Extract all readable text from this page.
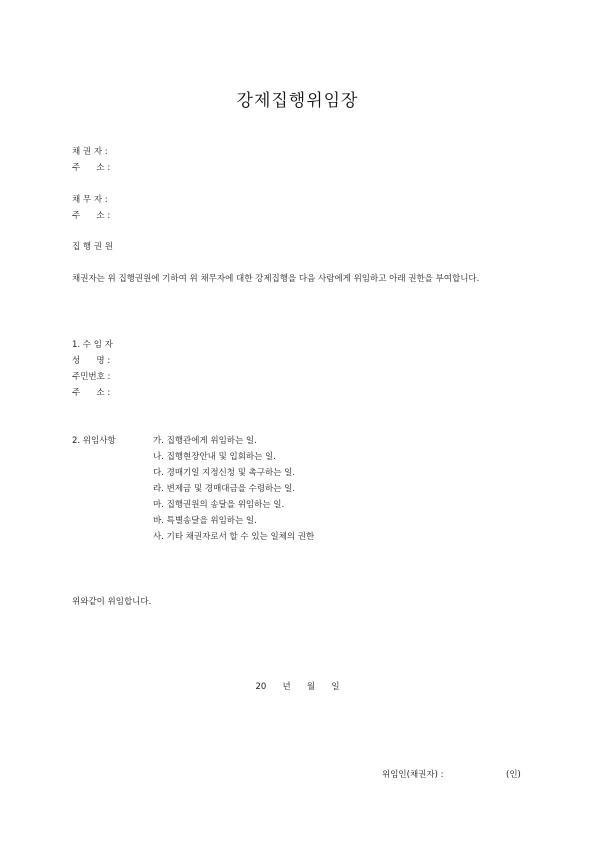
강제집행위임장
채 권 자 :
주      소 :
채 무 자 :
주      소 :
집 행 권 원
채권자는 위 집행권원에 기하여 위 채무자에 대한 강제집행을 다음 사람에게 위임하고 아래 권한을 부여합니다.
1. 수 임 자
성      명 :
주민번호 :
주      소 :
2. 위임사항	가. 집행관에게 위임하는 일.
나. 집행현장안내 및 입회하는 일.
다. 경매기일 지정신청 및 촉구하는 일.
라. 변제금 및 경매대금을 수령하는 일.
마. 집행권원의 송달을 위임하는 일.
바. 특별송달을 위임하는 일.
사. 기타 채권자로서 할 수 있는 일체의 권한
위와같이 위임합니다.
20      년      월      일
위임인(채권자) :	(인)
